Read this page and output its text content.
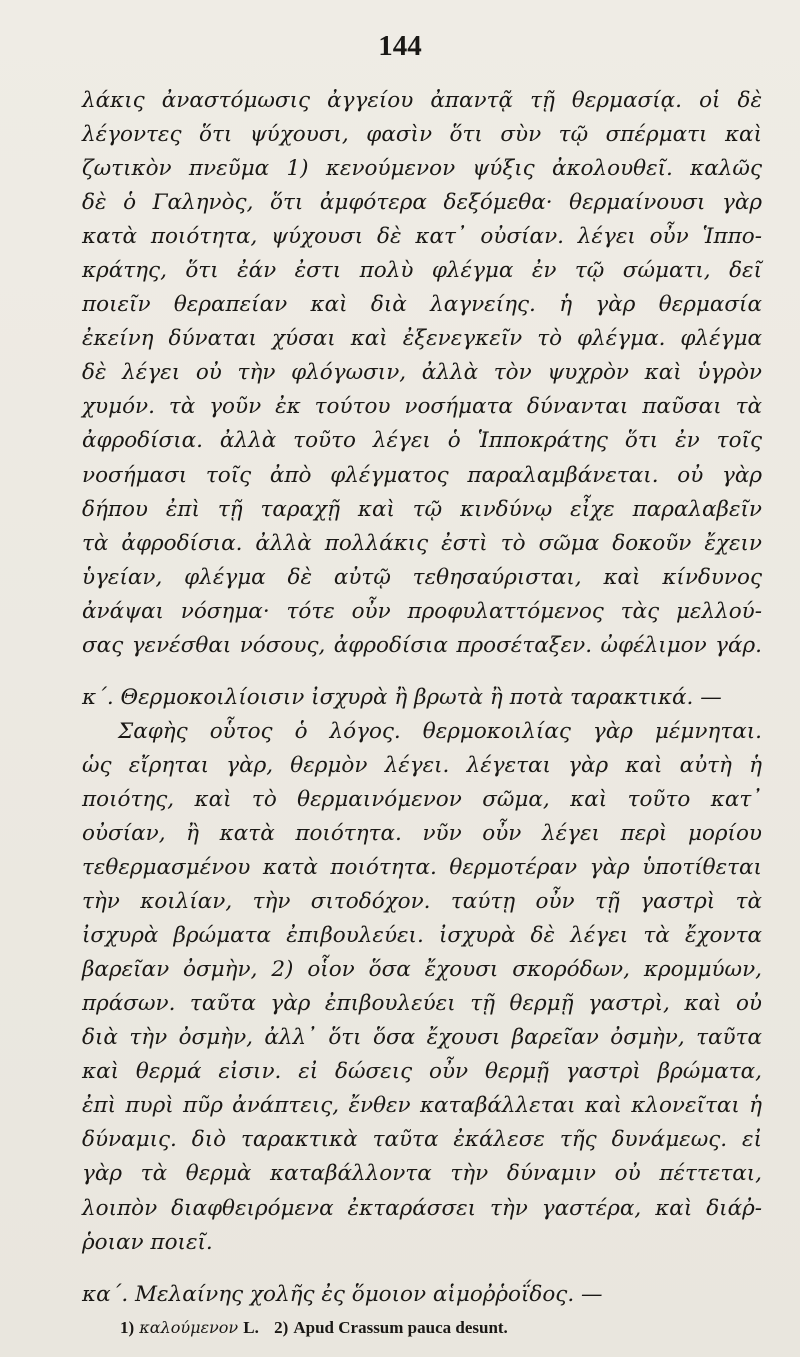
144
λάκις ἀναστόμωσις ἀγγείου ἀπαντᾷ τῇ θερμασίᾳ. οἱ δὲ
λέγοντες ὅτι ψύχουσι, φασὶν ὅτι σὺν τῷ σπέρματι καὶ
ζωτικὸν πνεῦμα 1) κενούμενον ψύξις ἀκολουθεῖ. καλῶς
δὲ ὁ Γαληνὸς, ὅτι ἀμφότερα δεξόμεθα· θερμαίνουσι γὰρ
κατὰ ποιότητα, ψύχουσι δὲ κατ᾽ οὐσίαν. λέγει οὖν Ἱππο-
κράτης, ὅτι ἐάν ἐστι πολὺ φλέγμα ἐν τῷ σώματι, δεῖ
ποιεῖν θεραπείαν καὶ διὰ λαγνείης. ἡ γὰρ θερμασία
ἐκείνη δύναται χύσαι καὶ ἐξενεγκεῖν τὸ φλέγμα. φλέγμα
δὲ λέγει οὐ τὴν φλόγωσιν, ἀλλὰ τὸν ψυχρὸν καὶ ὑγρὸν
χυμόν. τὰ γοῦν ἐκ τούτου νοσήματα δύνανται παῦσαι τὰ
ἀφροδίσια. ἀλλὰ τοῦτο λέγει ὁ Ἱπποκράτης ὅτι ἐν τοῖς
νοσήμασι τοῖς ἀπὸ φλέγματος παραλαμβάνεται. οὐ γὰρ
δήπου ἐπὶ τῇ ταραχῇ καὶ τῷ κινδύνῳ εἶχε παραλαβεῖν
τὰ ἀφροδίσια. ἀλλὰ πολλάκις ἐστὶ τὸ σῶμα δοκοῦν ἔχειν
ὑγείαν, φλέγμα δὲ αὐτῷ τεθησαύρισται, καὶ κίνδυνος
ἀνάψαι νόσημα· τότε οὖν προφυλαττόμενος τὰς μελλού-
σας γενέσθαι νόσους, ἀφροδίσια προσέταξεν. ὠφέλιμον γάρ.
κ΄. Θερμοκοιλίοισιν ἰσχυρὰ ἢ βρωτὰ ἢ ποτὰ ταρακτικά. —
Σαφὴς οὗτος ὁ λόγος. θερμοκοιλίας γὰρ μέμνηται.
ὡς εἴρηται γὰρ, θερμὸν λέγει. λέγεται γὰρ καὶ αὐτὴ ἡ
ποιότης, καὶ τὸ θερμαινόμενον σῶμα, καὶ τοῦτο κατ᾽
οὐσίαν, ἢ κατὰ ποιότητα. νῦν οὖν λέγει περὶ μορίου
τεθερμασμένου κατὰ ποιότητα. θερμοτέραν γὰρ ὑποτίθεται
τὴν κοιλίαν, τὴν σιτοδόχον. ταύτῃ οὖν τῇ γαστρὶ τὰ
ἰσχυρὰ βρώματα ἐπιβουλεύει. ἰσχυρὰ δὲ λέγει τὰ ἔχοντα
βαρεῖαν ὀσμὴν, 2) οἷον ὅσα ἔχουσι σκορόδων, κρομμύων,
πράσων. ταῦτα γὰρ ἐπιβουλεύει τῇ θερμῇ γαστρὶ, καὶ οὐ
διὰ τὴν ὀσμὴν, ἀλλ᾽ ὅτι ὅσα ἔχουσι βαρεῖαν ὀσμὴν, ταῦτα
καὶ θερμά εἰσιν. εἰ δώσεις οὖν θερμῇ γαστρὶ βρώματα,
ἐπὶ πυρὶ πῦρ ἀνάπτεις, ἔνθεν καταβάλλεται καὶ κλονεῖται ἡ
δύναμις. διὸ ταρακτικὰ ταῦτα ἐκάλεσε τῆς δυνάμεως. εἰ
γὰρ τὰ θερμὰ καταβάλλοντα τὴν δύναμιν οὐ πέττεται,
λοιπὸν διαφθειρόμενα ἐκταράσσει τὴν γαστέρα, καὶ διάῤ-
ῥοιαν ποιεῖ.
κα΄. Μελαίνης χολῆς ἐς ὅμοιον αἱμοῤῥοΐδος. —
1) καλούμενον L. 2) Apud Crassum pauca desunt.
